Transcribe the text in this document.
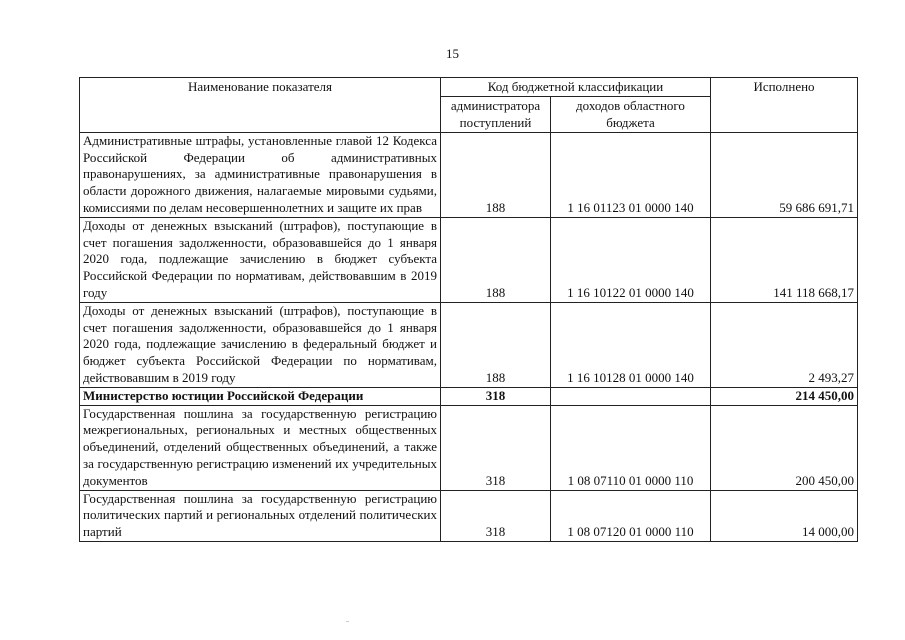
15
Наименование показателя	Код бюджетной классификации		Исполнено
	администратора поступлений	доходов областного бюджета	
Административные штрафы, установленные главой 12 Кодекса Российской Федерации об административных правонарушениях, за административные правонарушения в области дорожного движения, налагаемые мировыми судьями, комиссиями по делам несовершеннолетних и защите их прав	188	1 16 01123 01 0000 140	59 686 691,71
Доходы от денежных взысканий (штрафов), поступающие в счет погашения задолженности, образовавшейся до 1 января 2020 года, подлежащие зачислению в бюджет субъекта Российской Федерации по нормативам, действовавшим в 2019 году	188	1 16 10122 01 0000 140	141 118 668,17
Доходы от денежных взысканий (штрафов), поступающие в счет погашения задолженности, образовавшейся до 1 января 2020 года, подлежащие зачислению в федеральный бюджет и бюджет субъекта Российской Федерации по нормативам, действовавшим в 2019 году	188	1 16 10128 01 0000 140	2 493,27
Министерство юстиции Российской Федерации	318		214 450,00
Государственная пошлина за государственную регистрацию межрегиональных, региональных и местных общественных объединений, отделений общественных объединений, а также за государственную регистрацию изменений их учредительных документов	318	1 08 07110 01 0000 110	200 450,00
Государственная пошлина за государственную регистрацию политических партий и региональных отделений политических партий	318	1 08 07120 01 0000 110	14 000,00
